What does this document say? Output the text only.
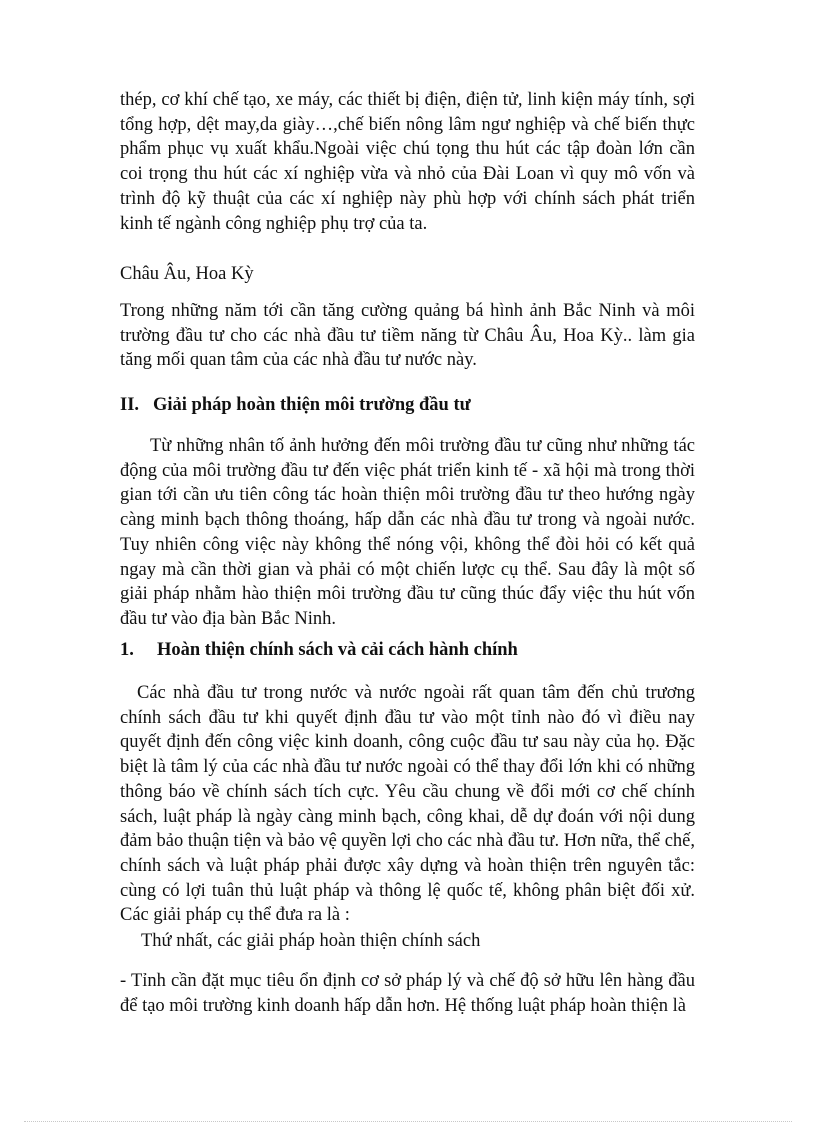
thép, cơ khí chế tạo, xe máy, các thiết bị điện, điện tử, linh kiện máy tính, sợi tổng hợp, dệt may,da giày…,chế biến nông lâm ngư nghiệp và chế biến thực phẩm phục vụ xuất khẩu.Ngoài việc chú tọng thu hút các tập đoàn lớn cần coi trọng thu hút các xí nghiệp vừa và nhỏ của Đài Loan vì quy mô vốn và trình độ kỹ thuật của các xí nghiệp này phù hợp với chính sách phát triển kinh tế ngành công nghiệp phụ trợ của ta.

Châu Âu, Hoa Kỳ

Trong những năm tới cần tăng cường quảng bá hình ảnh Bắc Ninh và môi trường đầu tư cho các nhà đầu tư tiềm năng từ Châu Âu, Hoa Kỳ.. làm gia tăng mối quan tâm của các nhà đầu tư nước này.

II. Giải pháp hoàn thiện môi trường đầu tư

Từ những nhân tố ảnh hưởng đến môi trường đầu tư cũng như những tác động của môi trường đầu tư đến việc phát triển kinh tế - xã hội mà trong thời gian tới cần ưu tiên công tác hoàn thiện môi trường đầu tư theo hướng ngày càng minh bạch thông thoáng, hấp dẫn các nhà đầu tư trong và ngoài nước. Tuy nhiên công việc này không thể nóng vội, không thể đòi hỏi có kết quả ngay mà cần thời gian và phải có một chiến lược cụ thể. Sau đây là một số giải pháp nhằm hào thiện môi trường đầu tư cũng thúc đẩy việc thu hút vốn đầu tư vào địa bàn Bắc Ninh.

1. Hoàn thiện chính sách và cải cách hành chính

Các nhà đầu tư trong nước và nước ngoài rất quan tâm đến chủ trương chính sách đầu tư khi quyết định đầu tư vào một tỉnh nào đó vì điều nay quyết định đến công việc kinh doanh, công cuộc đầu tư sau này của họ. Đặc biệt là tâm lý của các nhà đầu tư nước ngoài có thể thay đổi lớn khi có những thông báo về chính sách tích cực. Yêu cầu chung về đổi mới cơ chế chính sách, luật pháp là ngày càng minh bạch, công khai, dễ dự đoán với nội dung đảm bảo thuận tiện và bảo vệ quyền lợi cho các nhà đầu tư. Hơn nữa, thể chế, chính sách và luật pháp phải được xây dựng và hoàn thiện trên nguyên tắc: cùng có lợi tuân thủ luật pháp và thông lệ quốc tế, không phân biệt đối xử. Các giải pháp cụ thể đưa ra là :

Thứ nhất, các giải pháp hoàn thiện chính sách

- Tỉnh cần đặt mục tiêu ổn định cơ sở pháp lý và chế độ sở hữu lên hàng đầu để tạo môi trường kinh doanh hấp dẫn hơn. Hệ thống luật pháp hoàn thiện là
